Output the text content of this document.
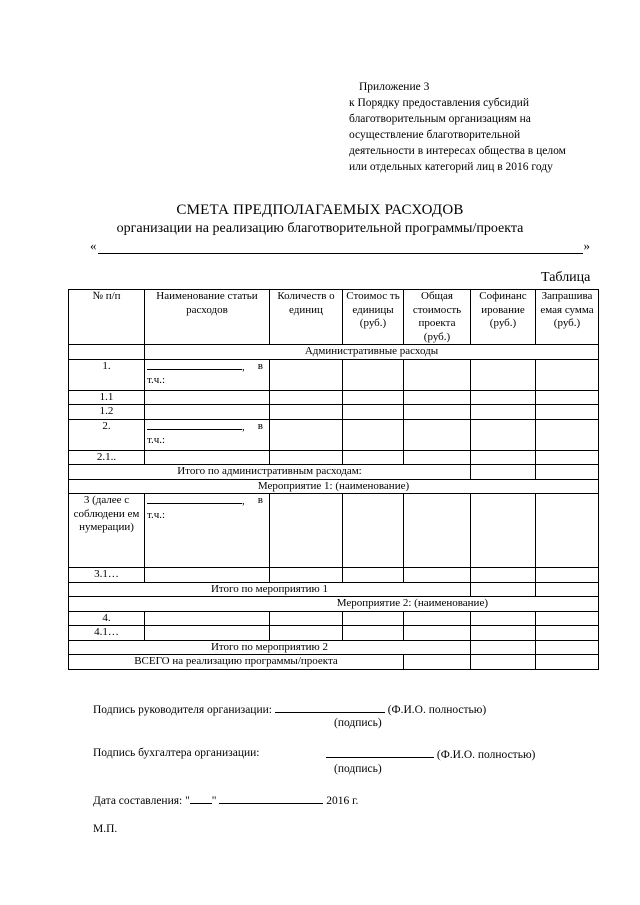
Приложение 3
к Порядку предоставления субсидий
благотворительным организациям на
осуществление благотворительной
деятельности в интересах общества в целом
или отдельных категорий лиц в 2016 году
СМЕТА ПРЕДПОЛАГАЕМЫХ РАСХОДОВ
организации на реализацию благотворительной программы/проекта
«	»
Таблица
№ п/п	Наименование статьи расходов	Количеств о единиц	Стоимос ть единицы (руб.)	Общая стоимость проекта (руб.)	Софинанс ирование (руб.)	Запрашива емая сумма (руб.)
	Административные расходы					
1.	, в

т.ч.:					
1.1						
1.2						
2.	, в

т.ч.:					
2.1..						
Итого по административным расходам:						
Мероприятие 1: (наименование)						
3 (далее с соблюдени ем нумерации)	, в

т.ч.:					
3.1…						
Итого по мероприятию 1						
Мероприятие 2: (наименование)						
4.						
4.1…						
Итого по мероприятию 2						
ВСЕГО на реализацию программы/проекта						
Подпись руководителя организации:	(Ф.И.О. полностью)
(подпись)
Подпись бухгалтера организации:	(Ф.И.О. полностью)
(подпись)
Дата составления: " "	2016 г.
М.П.
